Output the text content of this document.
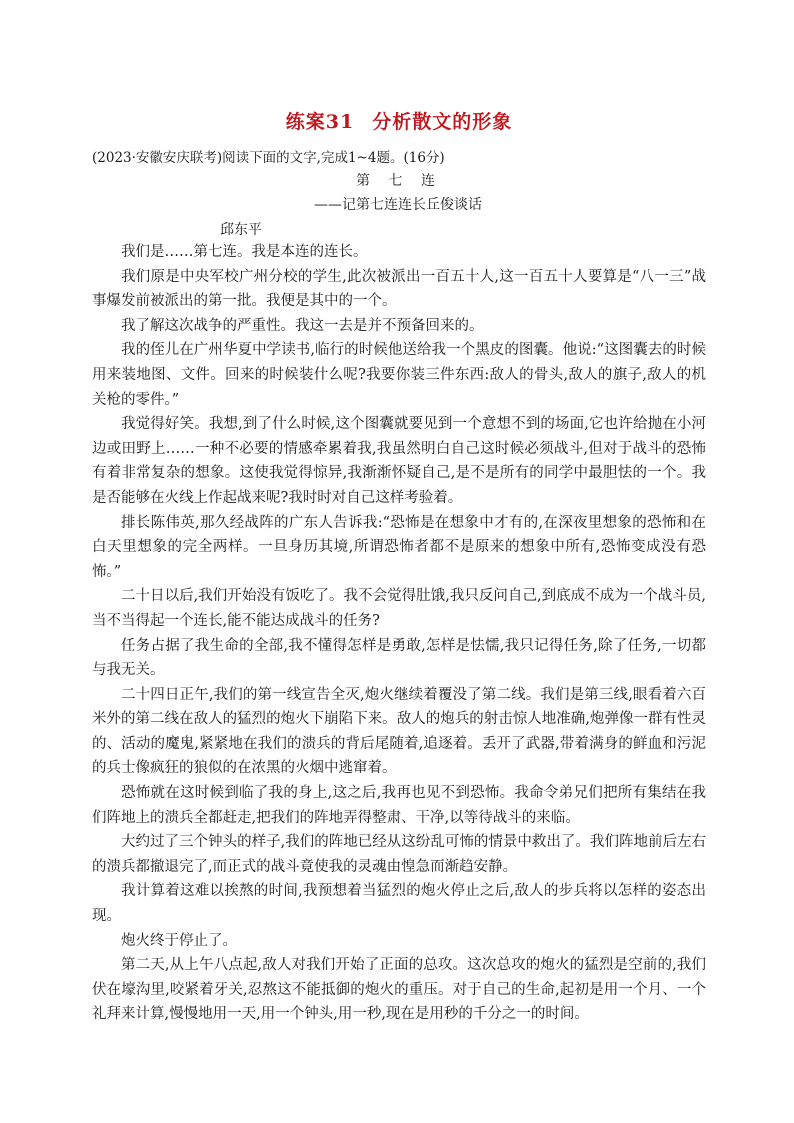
练案31 分析散文的形象
(2023·安徽安庆联考)阅读下面的文字,完成1~4题。(16分)
第 七 连
——记第七连连长丘俊谈话
邱东平

我们是……第七连。我是本连的连长。

我们原是中央军校广州分校的学生,此次被派出一百五十人,这一百五十人要算是“八一三”战事爆发前被派出的第一批。我便是其中的一个。

我了解这次战争的严重性。我这一去是并不预备回来的。

我的侄儿在广州华夏中学读书,临行的时候他送给我一个黑皮的图囊。他说:“这图囊去的时候用来装地图、文件。回来的时候装什么呢?我要你装三件东西:敌人的骨头,敌人的旗子,敌人的机关枪的零件。”

我觉得好笑。我想,到了什么时候,这个图囊就要见到一个意想不到的场面,它也许给抛在小河边或田野上……一种不必要的情感牵累着我,我虽然明白自己这时候必须战斗,但对于战斗的恐怖有着非常复杂的想象。这使我觉得惊异,我渐渐怀疑自己,是不是所有的同学中最胆怯的一个。我是否能够在火线上作起战来呢?我时时对自己这样考验着。

排长陈伟英,那久经战阵的广东人告诉我:“恐怖是在想象中才有的,在深夜里想象的恐怖和在白天里想象的完全两样。一旦身历其境,所谓恐怖者都不是原来的想象中所有,恐怖变成没有恐怖。”

二十日以后,我们开始没有饭吃了。我不会觉得肚饿,我只反问自己,到底成不成为一个战斗员,当不当得起一个连长,能不能达成战斗的任务?

任务占据了我生命的全部,我不懂得怎样是勇敢,怎样是怯懦,我只记得任务,除了任务,一切都与我无关。

二十四日正午,我们的第一线宣告全灭,炮火继续着覆没了第二线。我们是第三线,眼看着六百米外的第二线在敌人的猛烈的炮火下崩陷下来。敌人的炮兵的射击惊人地准确,炮弹像一群有性灵的、活动的魔鬼,紧紧地在我们的溃兵的背后尾随着,追逐着。丢开了武器,带着满身的鲜血和污泥的兵士像疯狂的狼似的在浓黑的火烟中逃窜着。

恐怖就在这时候到临了我的身上,这之后,我再也见不到恐怖。我命令弟兄们把所有集结在我们阵地上的溃兵全都赶走,把我们的阵地弄得整肃、干净,以等待战斗的来临。

大约过了三个钟头的样子,我们的阵地已经从这纷乱可怖的情景中救出了。我们阵地前后左右的溃兵都撤退完了,而正式的战斗竟使我的灵魂由惶急而渐趋安静。

我计算着这难以挨熬的时间,我预想着当猛烈的炮火停止之后,敌人的步兵将以怎样的姿态出现。

炮火终于停止了。

第二天,从上午八点起,敌人对我们开始了正面的总攻。这次总攻的炮火的猛烈是空前的,我们伏在壕沟里,咬紧着牙关,忍熬这不能抵御的炮火的重压。对于自己的生命,起初是用一个月、一个礼拜来计算,慢慢地用一天,用一个钟头,用一秒,现在是用秒的千分之一的时间。
